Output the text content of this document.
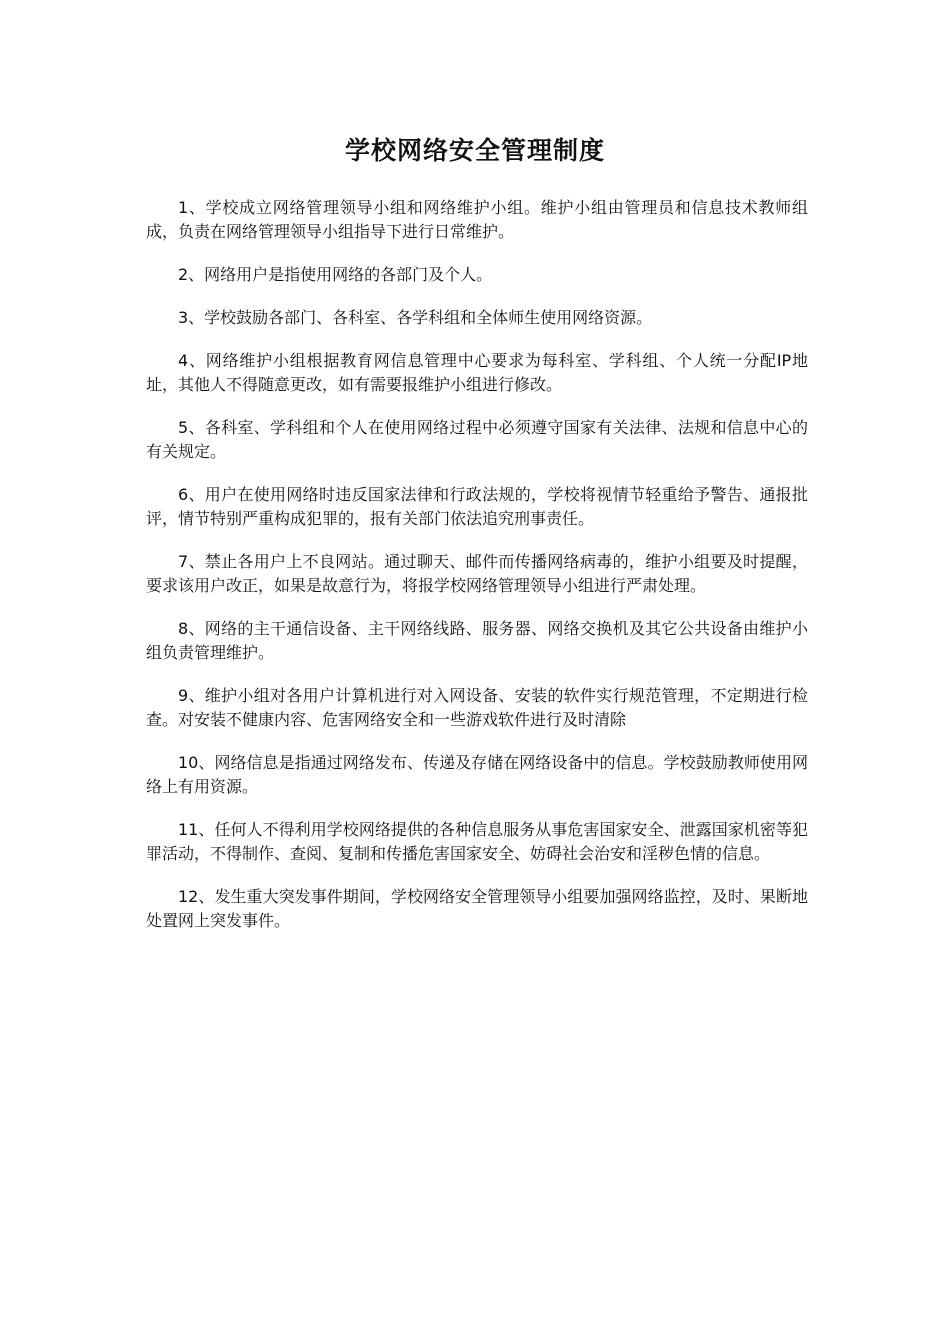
学校网络安全管理制度

1、学校成立网络管理领导小组和网络维护小组。维护小组由管理员和信息技术教师组成，负责在网络管理领导小组指导下进行日常维护。

2、网络用户是指使用网络的各部门及个人。

3、学校鼓励各部门、各科室、各学科组和全体师生使用网络资源。

4、网络维护小组根据教育网信息管理中心要求为每科室、学科组、个人统一分配IP地址，其他人不得随意更改，如有需要报维护小组进行修改。

5、各科室、学科组和个人在使用网络过程中必须遵守国家有关法律、法规和信息中心的有关规定。

6、用户在使用网络时违反国家法律和行政法规的，学校将视情节轻重给予警告、通报批评，情节特别严重构成犯罪的，报有关部门依法追究刑事责任。

7、禁止各用户上不良网站。通过聊天、邮件而传播网络病毒的，维护小组要及时提醒，要求该用户改正，如果是故意行为，将报学校网络管理领导小组进行严肃处理。

8、网络的主干通信设备、主干网络线路、服务器、网络交换机及其它公共设备由维护小组负责管理维护。

9、维护小组对各用户计算机进行对入网设备、安装的软件实行规范管理，不定期进行检查。对安装不健康内容、危害网络安全和一些游戏软件进行及时清除

10、网络信息是指通过网络发布、传递及存储在网络设备中的信息。学校鼓励教师使用网络上有用资源。

11、任何人不得利用学校网络提供的各种信息服务从事危害国家安全、泄露国家机密等犯罪活动，不得制作、查阅、复制和传播危害国家安全、妨碍社会治安和淫秽色情的信息。

12、发生重大突发事件期间，学校网络安全管理领导小组要加强网络监控，及时、果断地处置网上突发事件。
